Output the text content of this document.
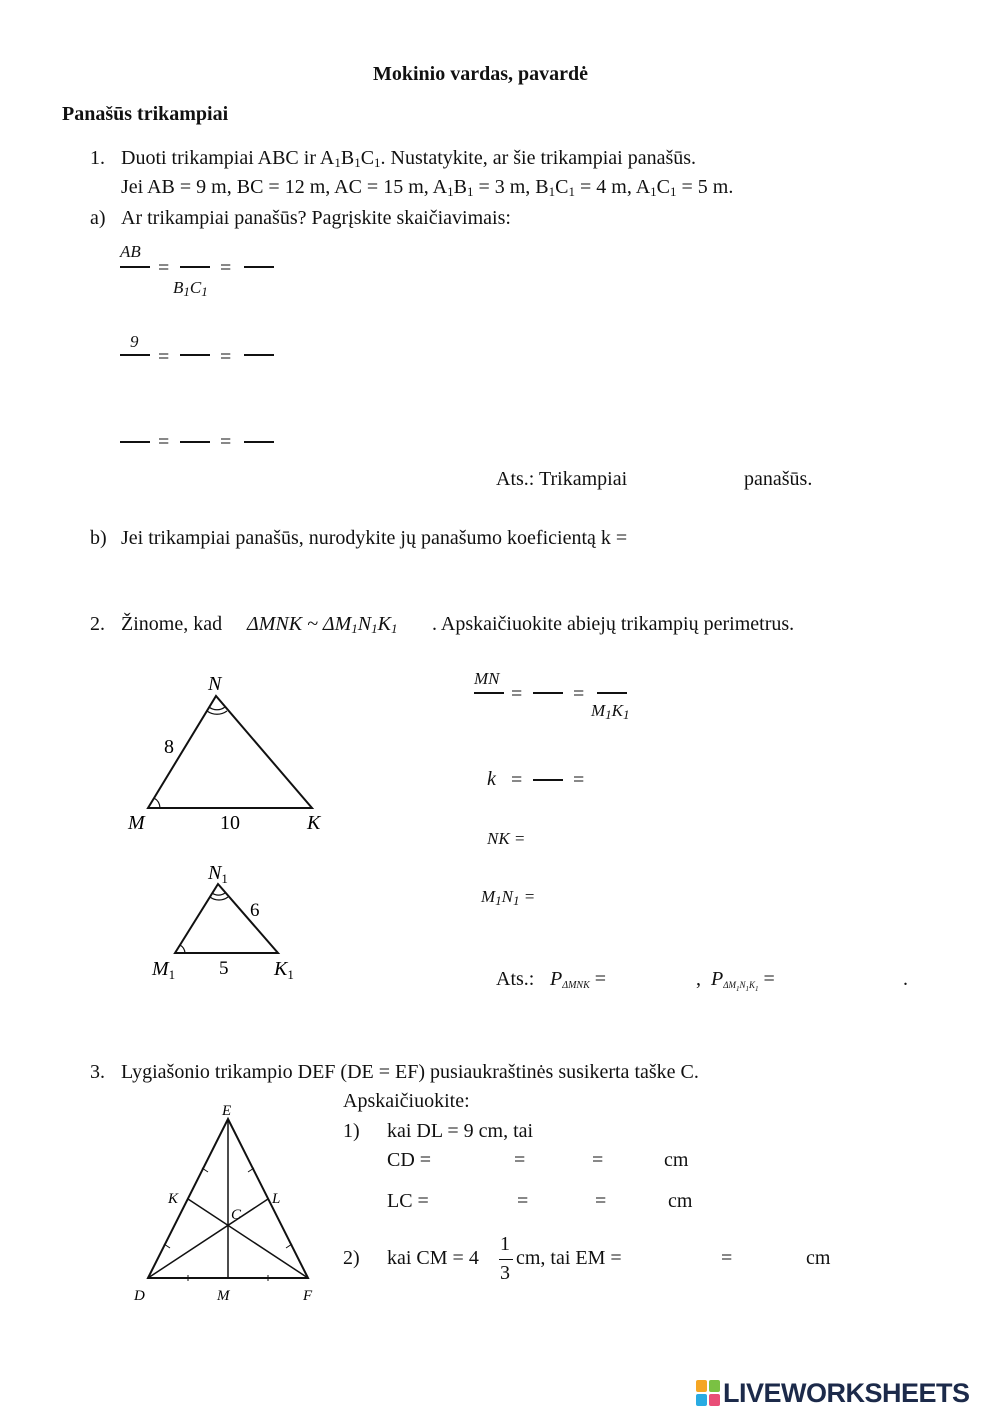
Mokinio vardas, pavardė
Panašūs trikampiai
1. Duoti trikampiai ABC ir $A_1B_1C_1$. Nustatykite, ar šie trikampiai panašūs.
Jei AB = 9 m, BC = 12 m, AC = 15 m, $A_1B_1 = 3$ m, $B_1C_1 = 4$ m, $A_1C_1 = 5$ m.
a) Ar trikampiai panašūs? Pagrįskite skaičiavimais:
AB
=
$B_1C_1$
=
9
=	=
=	=
Ats.: Trikampiai	panašūs.
b) Jei trikampiai panašūs, nurodykite jų panašumo koeficientą k =
2. Žinome, kad ΔMNK ~ $\Delta M_1N_1K_1$ . Apskaičiuokite abiejų trikampių perimetrus.
N
M	K
8
10
$N_1$
$M_1$	$K_1$
6
5
MN
=	=
$M_1K_1$
k =	=
NK =
$M_1N_1$ =
Ats.: $P_{\Delta MNK}$ =	, $P_{\Delta M_1N_1K_1}$ =	.
3. Lygiašonio trikampio DEF (DE = EF) pusiaukraštinės susikerta taške C.
Apskaičiuokite:
1) kai DL = 9 cm, tai
CD =	=	=	cm
LC =	=	=	cm
2) kai CM = 4
1
3
cm, tai EM =	=	cm
E
K	L
C
D	M	F
LIVEWORKSHEETS
